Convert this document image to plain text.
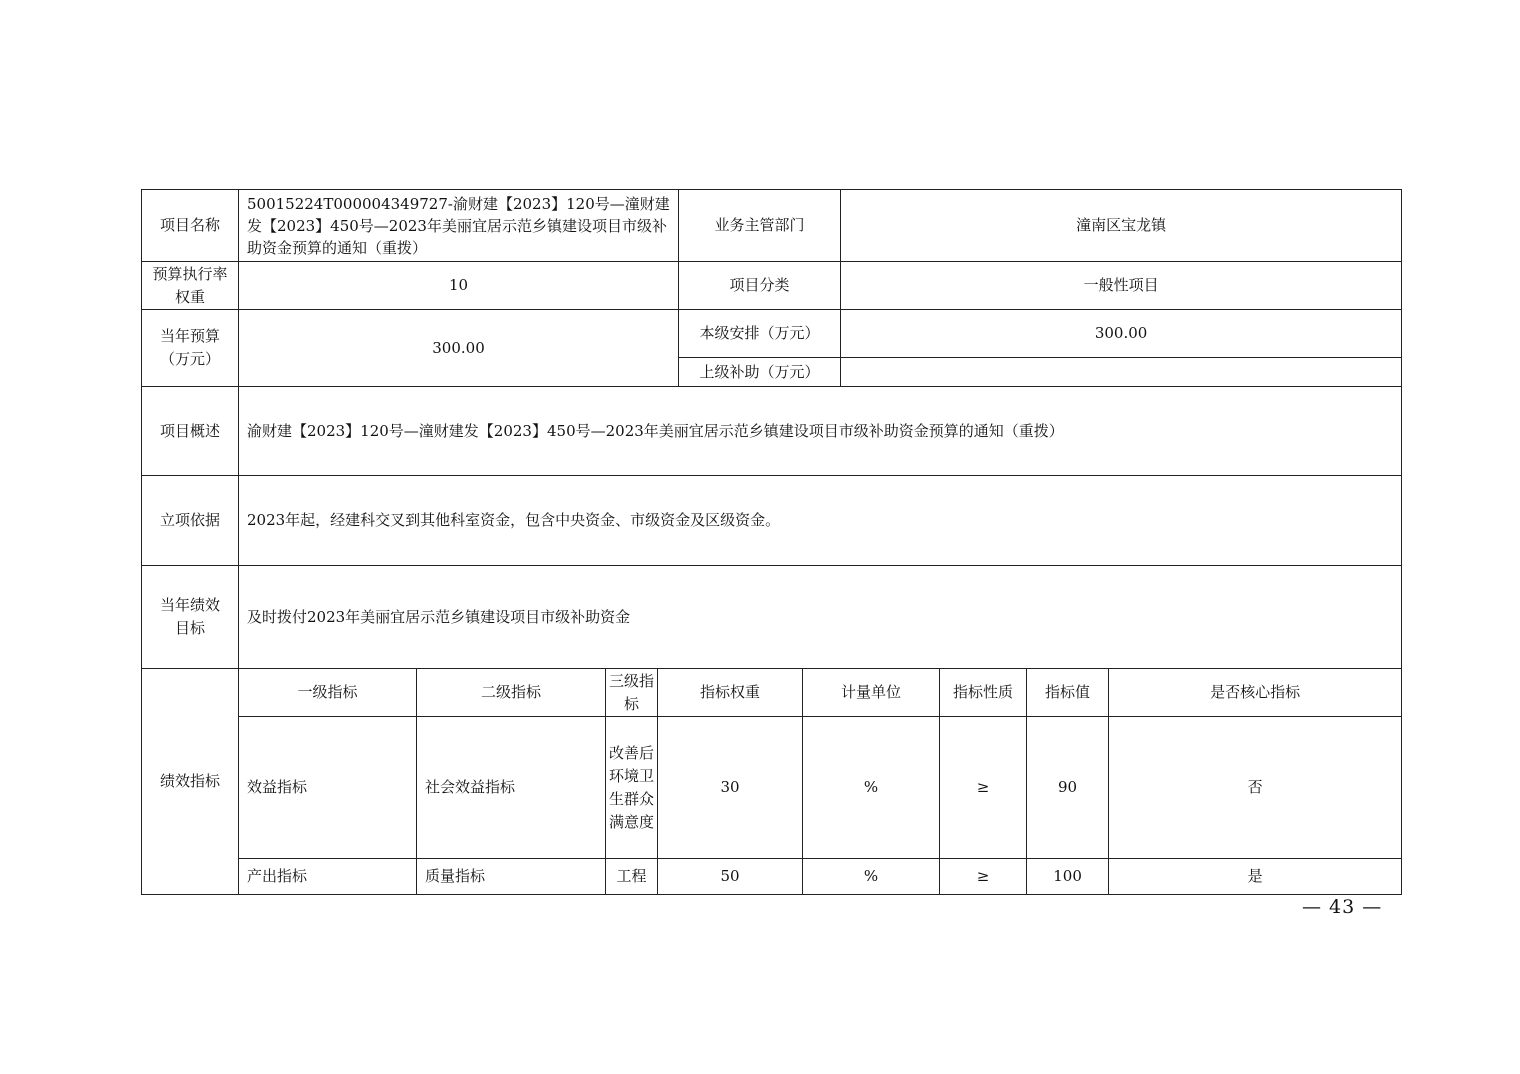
项目名称	50015224T000004349727-渝财建【2023】120号—潼财建发【2023】450号—2023年美丽宜居示范乡镇建设项目市级补助资金预算的通知（重拨）				业务主管部门		潼南区宝龙镇			
预算执行率权重	10				项目分类		一般性项目			
当年预算（万元）	300.00				本级安排（万元）		300.00			
					上级补助（万元）					
项目概述	渝财建【2023】120号—潼财建发【2023】450号—2023年美丽宜居示范乡镇建设项目市级补助资金预算的通知（重拨）									
立项依据	2023年起，经建科交叉到其他科室资金，包含中央资金、市级资金及区级资金。									
当年绩效目标	及时拨付2023年美丽宜居示范乡镇建设项目市级补助资金									
绩效指标	一级指标	二级指标	三级指标	指标权重		计量单位		指标性质	指标值	是否核心指标
	效益指标	社会效益指标	改善后环境卫生群众满意度	30		%		≥	90	否
	产出指标	质量指标	工程	50		%		≥	100	是
— 43 —
